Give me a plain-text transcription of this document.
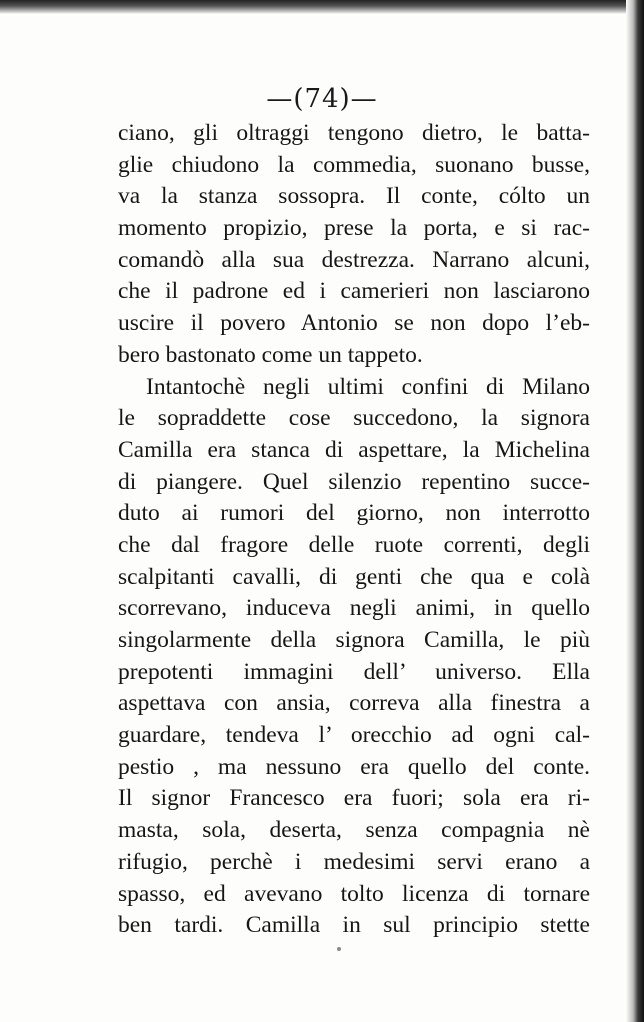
—(74)—
ciano, gli oltraggi tengono dietro, le batta-
glie chiudono la commedia, suonano busse,
va la stanza sossopra. Il conte, cólto un
momento propizio, prese la porta, e si rac-
comandò alla sua destrezza. Narrano alcuni,
che il padrone ed i camerieri non lasciarono
uscire il povero Antonio se non dopo l’eb-
bero bastonato come un tappeto.
Intantochè negli ultimi confini di Milano
le sopraddette cose succedono, la signora
Camilla era stanca di aspettare, la Michelina
di piangere. Quel silenzio repentino succe-
duto ai rumori del giorno, non interrotto
che dal fragore delle ruote correnti, degli
scalpitanti cavalli, di genti che qua e colà
scorrevano, induceva negli animi, in quello
singolarmente della signora Camilla, le più
prepotenti immagini dell’ universo. Ella
aspettava con ansia, correva alla finestra a
guardare, tendeva l’ orecchio ad ogni cal-
pestio , ma nessuno era quello del conte.
Il signor Francesco era fuori; sola era ri-
masta, sola, deserta, senza compagnia nè
rifugio, perchè i medesimi servi erano a
spasso, ed avevano tolto licenza di tornare
ben tardi. Camilla in sul principio stette
